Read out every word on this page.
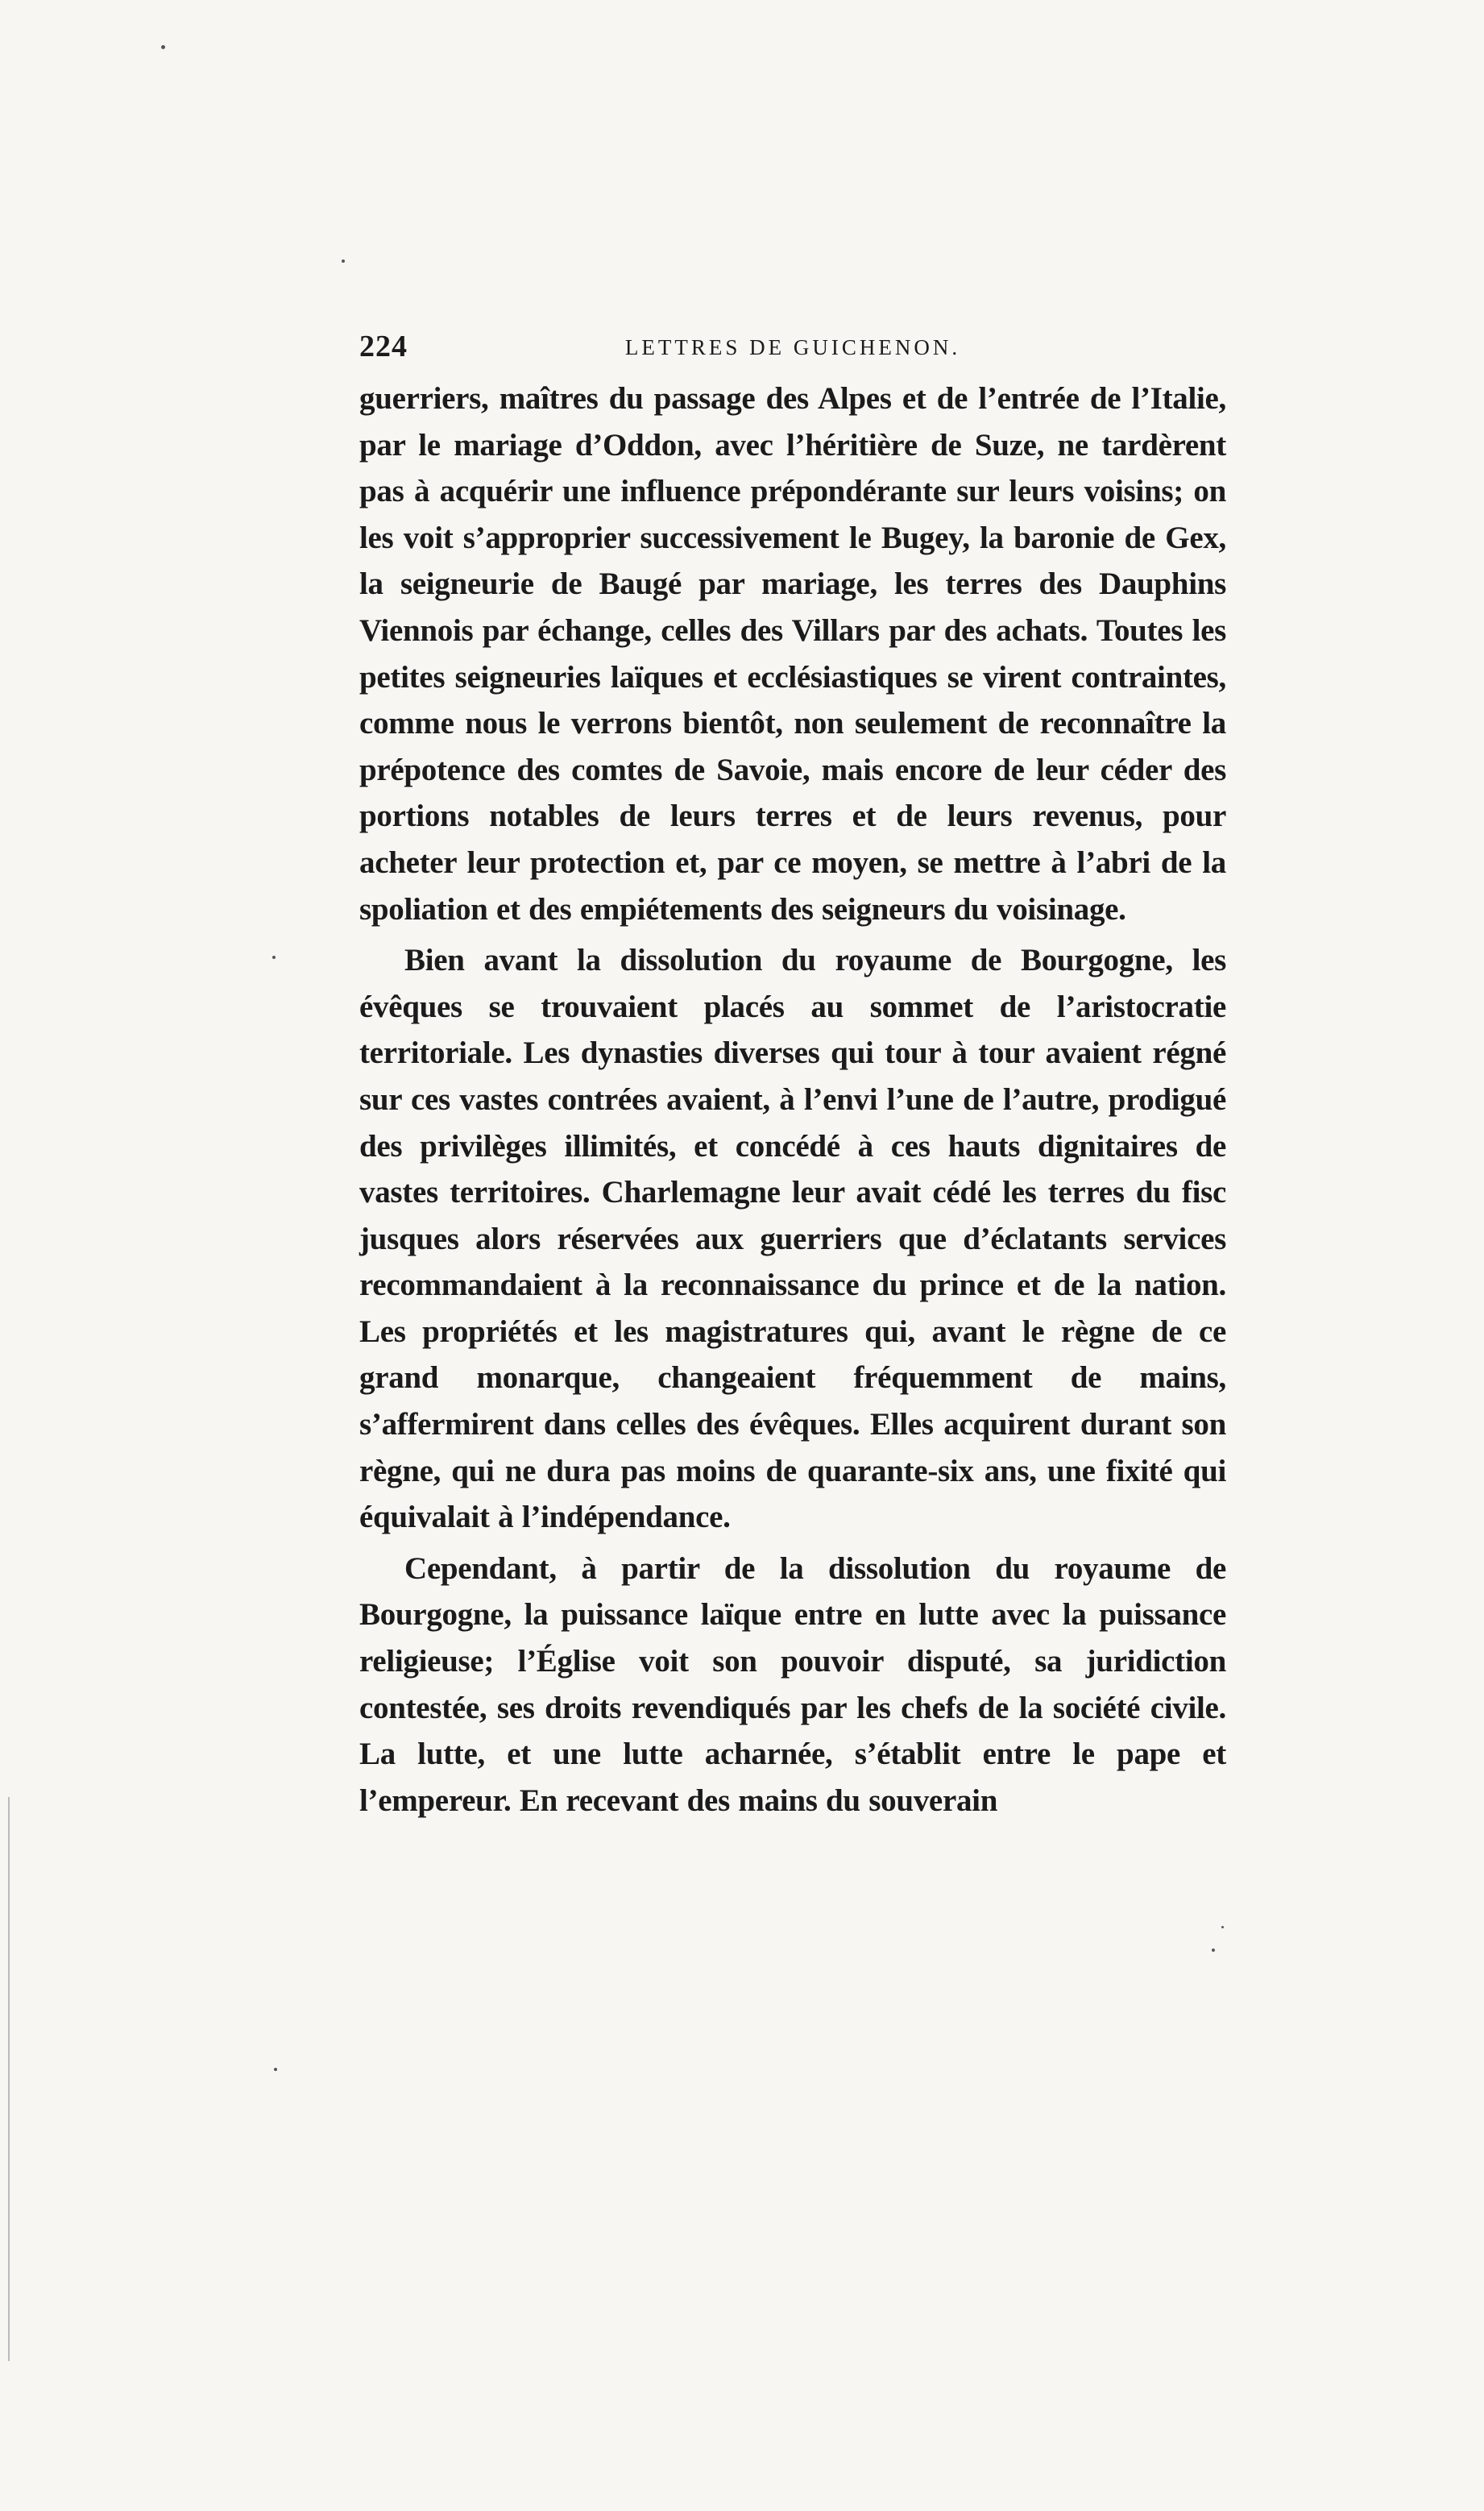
224	LETTRES DE GUICHENON.

guerriers, maîtres du passage des Alpes et de l’entrée de l’Italie, par le mariage d’Oddon, avec l’héritière de Suze, ne tardèrent pas à acquérir une influence prépondérante sur leurs voisins; on les voit s’approprier successivement le Bugey, la baronie de Gex, la seigneurie de Baugé par mariage, les terres des Dauphins Viennois par échange, celles des Villars par des achats. Toutes les petites seigneuries laïques et ecclésiastiques se virent contraintes, comme nous le verrons bientôt, non seulement de reconnaître la prépotence des comtes de Savoie, mais encore de leur céder des portions notables de leurs terres et de leurs revenus, pour acheter leur protection et, par ce moyen, se mettre à l’abri de la spoliation et des empiétements des seigneurs du voisinage.

Bien avant la dissolution du royaume de Bourgogne, les évêques se trouvaient placés au sommet de l’aristocratie territoriale. Les dynasties diverses qui tour à tour avaient régné sur ces vastes contrées avaient, à l’envi l’une de l’autre, prodigué des privilèges illimités, et concédé à ces hauts dignitaires de vastes territoires. Charlemagne leur avait cédé les terres du fisc jusques alors réservées aux guerriers que d’éclatants services recommandaient à la reconnaissance du prince et de la nation. Les propriétés et les magistratures qui, avant le règne de ce grand monarque, changeaient fréquemment de mains, s’affermirent dans celles des évêques. Elles acquirent durant son règne, qui ne dura pas moins de quarante-six ans, une fixité qui équivalait à l’indépendance.

Cependant, à partir de la dissolution du royaume de Bourgogne, la puissance laïque entre en lutte avec la puissance religieuse; l’Église voit son pouvoir disputé, sa juridiction contestée, ses droits revendiqués par les chefs de la société civile. La lutte, et une lutte acharnée, s’établit entre le pape et l’empereur. En recevant des mains du souverain
